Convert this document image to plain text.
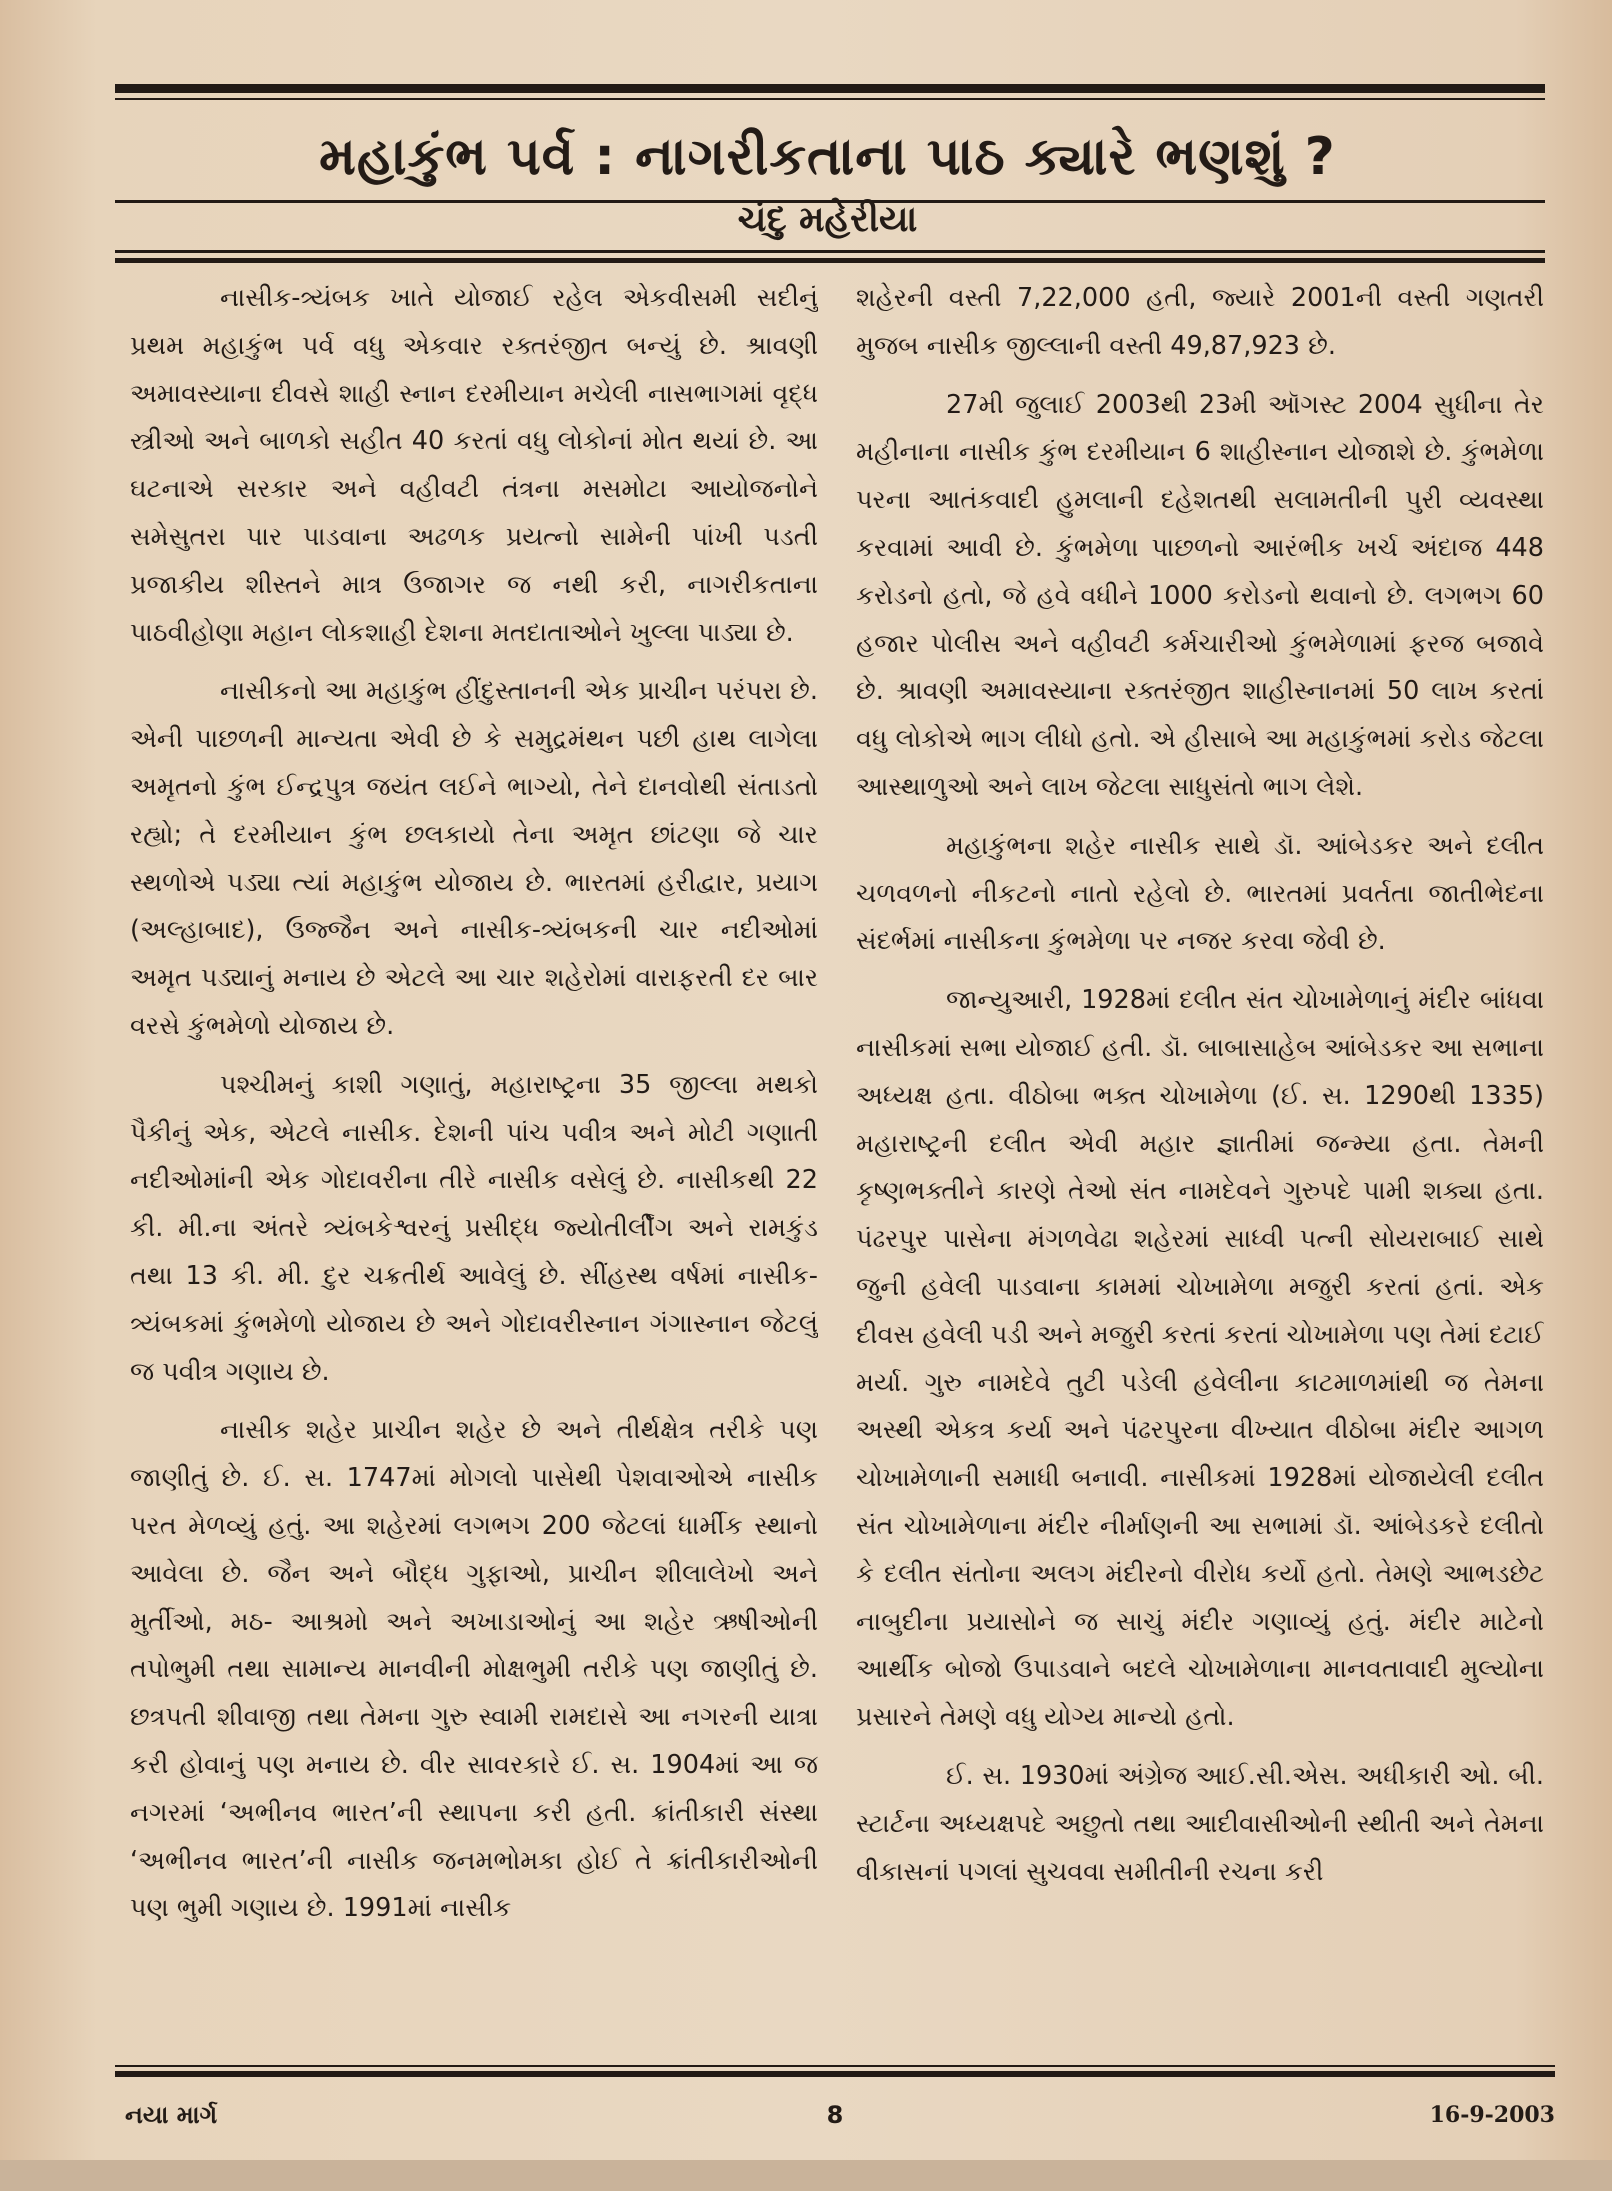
મહાકુંભ પર્વ : નાગરીકતાના પાઠ ક્યારે ભણશું ?
ચંદુ મહેરીયા

નાસીક-ત્ર્યંબક ખાતે યોજાઈ રહેલ એકવીસમી સદીનું પ્રથમ મહાકુંભ પર્વ વધુ એકવાર રક્તરંજીત બન્યું છે. શ્રાવણી અમાવસ્યાના દીવસે શાહી સ્નાન દરમીયાન મચેલી નાસભાગમાં વૃદ્ધ સ્ત્રીઓ અને બાળકો સહીત 40 કરતાં વધુ લોકોનાં મોત થયાં છે. આ ઘટનાએ સરકાર અને વહીવટી તંત્રના મસમોટા આયોજનોને સમેસુતરા પાર પાડવાના અઢળક પ્રયત્નો સામેની પાંખી પડતી પ્રજાકીય શીસ્તને માત્ર ઉજાગર જ નથી કરી, નાગરીકતાના પાઠવીહોણા મહાન લોકશાહી દેશના મતદાતાઓને ખુલ્લા પાડ્યા છે.

નાસીકનો આ મહાકુંભ હીંદુસ્તાનની એક પ્રાચીન પરંપરા છે. એની પાછળની માન્યતા એવી છે કે સમુદ્રમંથન પછી હાથ લાગેલા અમૃતનો કુંભ ઈન્દ્રપુત્ર જયંત લઈને ભાગ્યો, તેને દાનવોથી સંતાડતો રહ્યો; તે દરમીયાન કુંભ છલકાયો તેના અમૃત છાંટણા જે ચાર સ્થળોએ પડ્યા ત્યાં મહાકુંભ યોજાય છે. ભારતમાં હરીદ્વાર, પ્રયાગ (અલ્હાબાદ), ઉજ્જૈન અને નાસીક-ત્ર્યંબકની ચાર નદીઓમાં અમૃત પડ્યાનું મનાય છે એટલે આ ચાર શહેરોમાં વારાફરતી દર બાર વરસે કુંભમેળો યોજાય છે.

પશ્ચીમનું કાશી ગણાતું, મહારાષ્ટ્રના 35 જીલ્લા મથકો પૈકીનું એક, એટલે નાસીક. દેશની પાંચ પવીત્ર અને મોટી ગણાતી નદીઓમાંની એક ગોદાવરીના તીરે નાસીક વસેલું છે. નાસીકથી 22 કી. મી.ના અંતરે ત્ર્યંબકેશ્વરનું પ્રસીદ્ધ જ્યોતીર્લીંગ અને રામકુંડ તથા 13 કી. મી. દુર ચક્રતીર્થ આવેલું છે. સીંહસ્થ વર્ષમાં નાસીક-ત્ર્યંબકમાં કુંભમેળો યોજાય છે અને ગોદાવરીસ્નાન ગંગાસ્નાન જેટલું જ પવીત્ર ગણાય છે.

નાસીક શહેર પ્રાચીન શહેર છે અને તીર્થક્ષેત્ર તરીકે પણ જાણીતું છે. ઈ. સ. 1747માં મોગલો પાસેથી પેશવાઓએ નાસીક પરત મેળવ્યું હતું. આ શહેરમાં લગભગ 200 જેટલાં ધાર્મીક સ્થાનો આવેલા છે. જૈન અને બૌદ્ધ ગુફાઓ, પ્રાચીન શીલાલેખો અને મુર્તીઓ, મઠ- આશ્રમો અને અખાડાઓનું આ શહેર ઋષીઓની તપોભુમી તથા સામાન્ય માનવીની મોક્ષભુમી તરીકે પણ જાણીતું છે. છત્રપતી શીવાજી તથા તેમના ગુરુ સ્વામી રામદાસે આ નગરની યાત્રા કરી હોવાનું પણ મનાય છે. વીર સાવરકારે ઈ. સ. 1904માં આ જ નગરમાં ‘અભીનવ ભારત’ની સ્થાપના કરી હતી. ક્રાંતીકારી સંસ્થા ‘અભીનવ ભારત’ની નાસીક જનમભોમકા હોઈ તે ક્રાંતીકારીઓની પણ ભુમી ગણાય છે. 1991માં નાસીક

શહેરની વસ્તી 7,22,000 હતી, જ્યારે 2001ની વસ્તી ગણતરી મુજબ નાસીક જીલ્લાની વસ્તી 49,87,923 છે.

27મી જુલાઈ 2003થી 23મી ઑગસ્ટ 2004 સુધીના તેર મહીનાના નાસીક કુંભ દરમીયાન 6 શાહીસ્નાન યોજાશે છે. કુંભમેળા પરના આતંકવાદી હુમલાની દહેશતથી સલામતીની પુરી વ્યવસ્થા કરવામાં આવી છે. કુંભમેળા પાછળનો આરંભીક ખર્ચ અંદાજ 448 કરોડનો હતો, જે હવે વધીને 1000 કરોડનો થવાનો છે. લગભગ 60 હજાર પોલીસ અને વહીવટી કર્મચારીઓ કુંભમેળામાં ફરજ બજાવે છે. શ્રાવણી અમાવસ્યાના રક્તરંજીત શાહીસ્નાનમાં 50 લાખ કરતાં વધુ લોકોએ ભાગ લીધો હતો. એ હીસાબે આ મહાકુંભમાં કરોડ જેટલા આસ્થાળુઓ અને લાખ જેટલા સાધુસંતો ભાગ લેશે.

મહાકુંભના શહેર નાસીક સાથે ડૉ. આંબેડકર અને દલીત ચળવળનો નીકટનો નાતો રહેલો છે. ભારતમાં પ્રવર્તતા જાતીભેદના સંદર્ભમાં નાસીકના કુંભમેળા પર નજર કરવા જેવી છે.

જાન્યુઆરી, 1928માં દલીત સંત ચોખામેળાનું મંદીર બાંધવા નાસીકમાં સભા યોજાઈ હતી. ડૉ. બાબાસાહેબ આંબેડકર આ સભાના અધ્યક્ષ હતા. વીઠોબા ભક્ત ચોખામેળા (ઈ. સ. 1290થી 1335) મહારાષ્ટ્રની દલીત એવી મહાર જ્ઞાતીમાં જન્મ્યા હતા. તેમની કૃષ્ણભક્તીને કારણે તેઓ સંત નામદેવને ગુરુપદે પામી શક્યા હતા. પંઢરપુર પાસેના મંગળવેઢા શહેરમાં સાધ્વી પત્ની સોયરાબાઈ સાથે જુની હવેલી પાડવાના કામમાં ચોખામેળા મજુરી કરતાં હતાં. એક દીવસ હવેલી પડી અને મજુરી કરતાં કરતાં ચોખામેળા પણ તેમાં દટાઈ મર્યા. ગુરુ નામદેવે તુટી પડેલી હવેલીના કાટમાળમાંથી જ તેમના અસ્થી એકત્ર કર્યા અને પંઢરપુરના વીખ્યાત વીઠોબા મંદીર આગળ ચોખામેળાની સમાધી બનાવી. નાસીકમાં 1928માં યોજાયેલી દલીત સંત ચોખામેળાના મંદીર નીર્માણની આ સભામાં ડૉ. આંબેડકરે દલીતો કે દલીત સંતોના અલગ મંદીરનો વીરોધ કર્યો હતો. તેમણે આભડછેટ નાબુદીના પ્રયાસોને જ સાચું મંદીર ગણાવ્યું હતું. મંદીર માટેનો આર્થીક બોજો ઉપાડવાને બદલે ચોખામેળાના માનવતાવાદી મુલ્યોના પ્રસારને તેમણે વધુ યોગ્ય માન્યો હતો.

ઈ. સ. 1930માં અંગ્રેજ આઈ.સી.એસ. અધીકારી ઓ. બી. સ્ટાર્ટના અધ્યક્ષપદે અછુતો તથા આદીવાસીઓની સ્થીતી અને તેમના વીકાસનાં પગલાં સુચવવા સમીતીની રચના કરી

નયા માર્ગ	8	16-9-2003
